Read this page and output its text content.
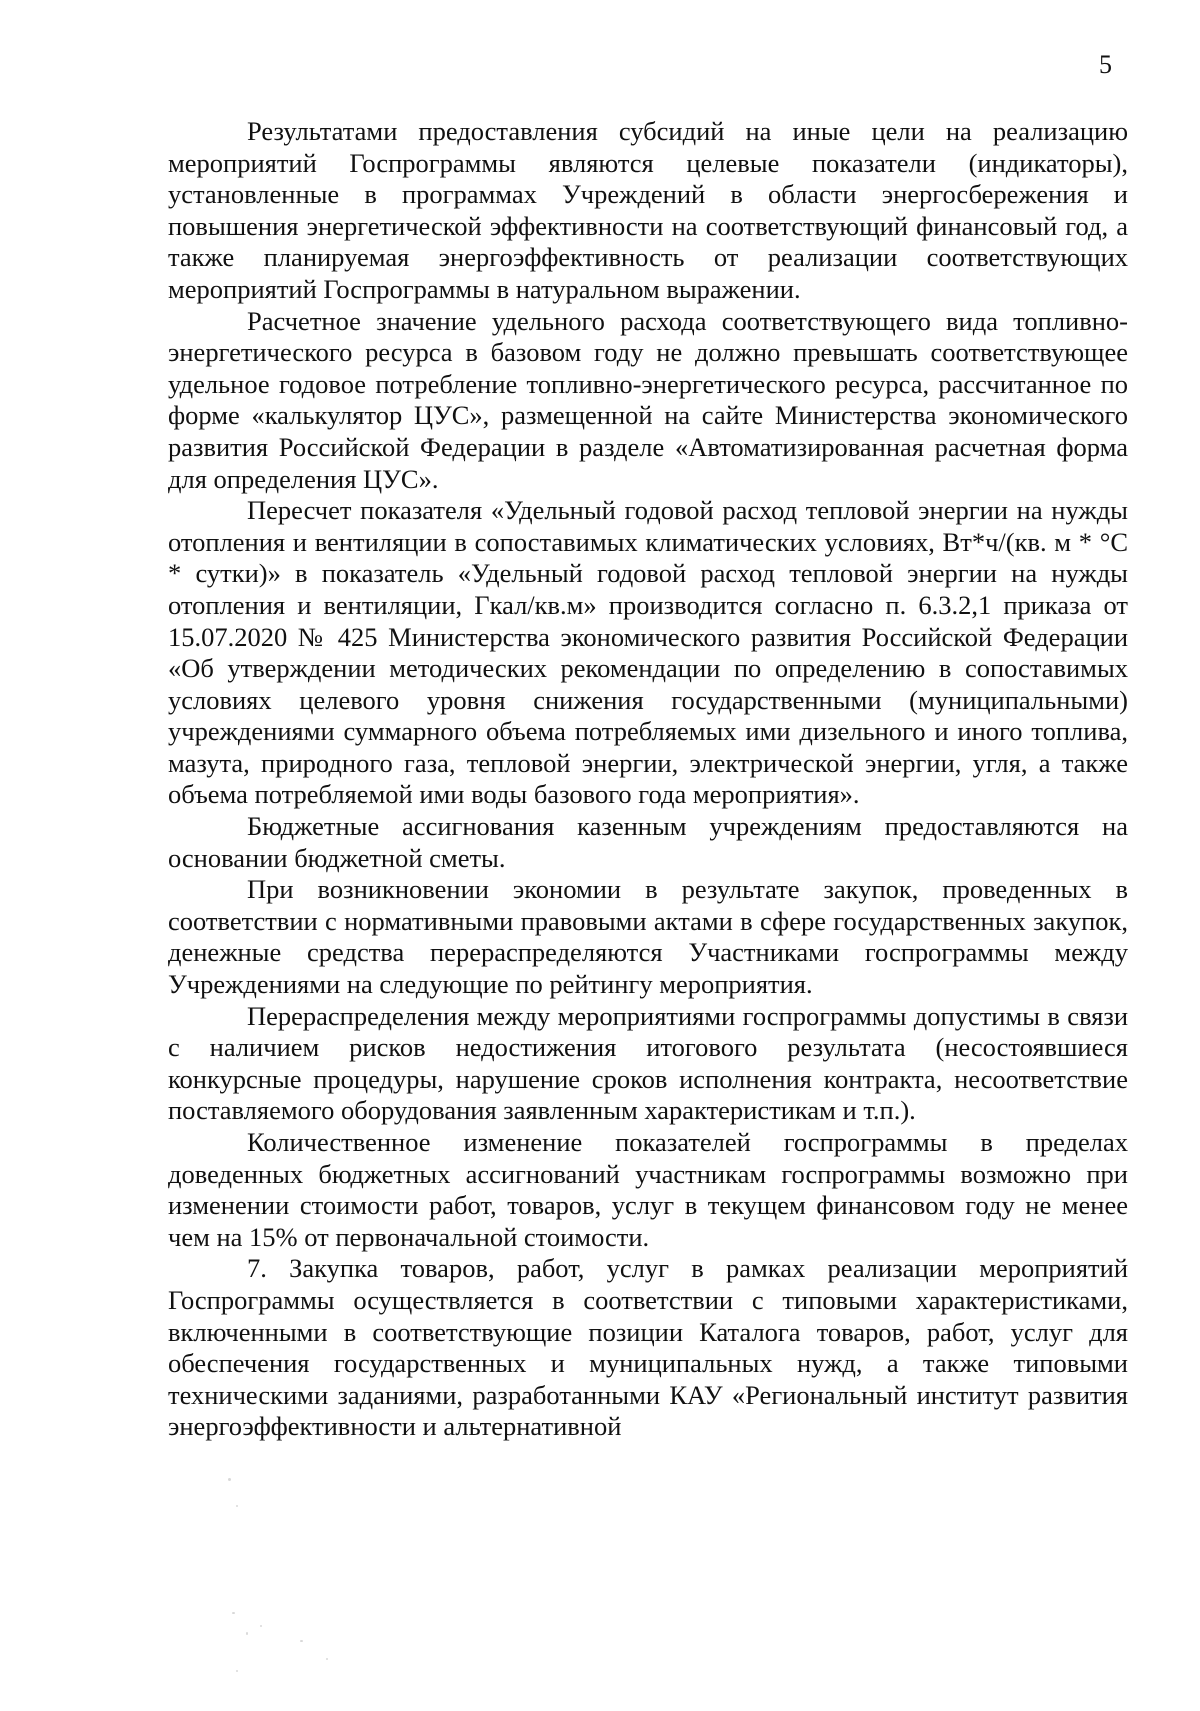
5

Результатами предоставления субсидий на иные цели на реализацию мероприятий Госпрограммы являются целевые показатели (индикаторы), установленные в программах Учреждений в области энергосбережения и повышения энергетической эффективности на соответствующий финансовый год, а также планируемая энергоэффективность от реализации соответствующих мероприятий Госпрограммы в натуральном выражении.

Расчетное значение удельного расхода соответствующего вида топливно-энергетического ресурса в базовом году не должно превышать соответствующее удельное годовое потребление топливно-энергетического ресурса, рассчитанное по форме «калькулятор ЦУС», размещенной на сайте Министерства экономического развития Российской Федерации в разделе «Автоматизированная расчетная форма для определения ЦУС».

Пересчет показателя «Удельный годовой расход тепловой энергии на нужды отопления и вентиляции в сопоставимых климатических условиях, Вт*ч/(кв. м * °С * сутки)» в показатель «Удельный годовой расход тепловой энергии на нужды отопления и вентиляции, Гкал/кв.м» производится согласно п. 6.3.2,1 приказа от 15.07.2020 № 425 Министерства экономического развития Российской Федерации «Об утверждении методических рекомендации по определению в сопоставимых условиях целевого уровня снижения государственными (муниципальными) учреждениями суммарного объема потребляемых ими дизельного и иного топлива, мазута, природного газа, тепловой энергии, электрической энергии, угля, а также объема потребляемой ими воды базового года мероприятия».

Бюджетные ассигнования казенным учреждениям предоставляются на основании бюджетной сметы.

При возникновении экономии в результате закупок, проведенных в соответствии с нормативными правовыми актами в сфере государственных закупок, денежные средства перераспределяются Участниками госпрограммы между Учреждениями на следующие по рейтингу мероприятия.

Перераспределения между мероприятиями госпрограммы допустимы в связи с наличием рисков недостижения итогового результата (несостоявшиеся конкурсные процедуры, нарушение сроков исполнения контракта, несоответствие поставляемого оборудования заявленным характеристикам и т.п.).

Количественное изменение показателей госпрограммы в пределах доведенных бюджетных ассигнований участникам госпрограммы возможно при изменении стоимости работ, товаров, услуг в текущем финансовом году не менее чем на 15% от первоначальной стоимости.

7. Закупка товаров, работ, услуг в рамках реализации мероприятий Госпрограммы осуществляется в соответствии с типовыми характеристиками, включенными в соответствующие позиции Каталога товаров, работ, услуг для обеспечения государственных и муниципальных нужд, а также типовыми техническими заданиями, разработанными КАУ «Региональный институт развития энергоэффективности и альтернативной
